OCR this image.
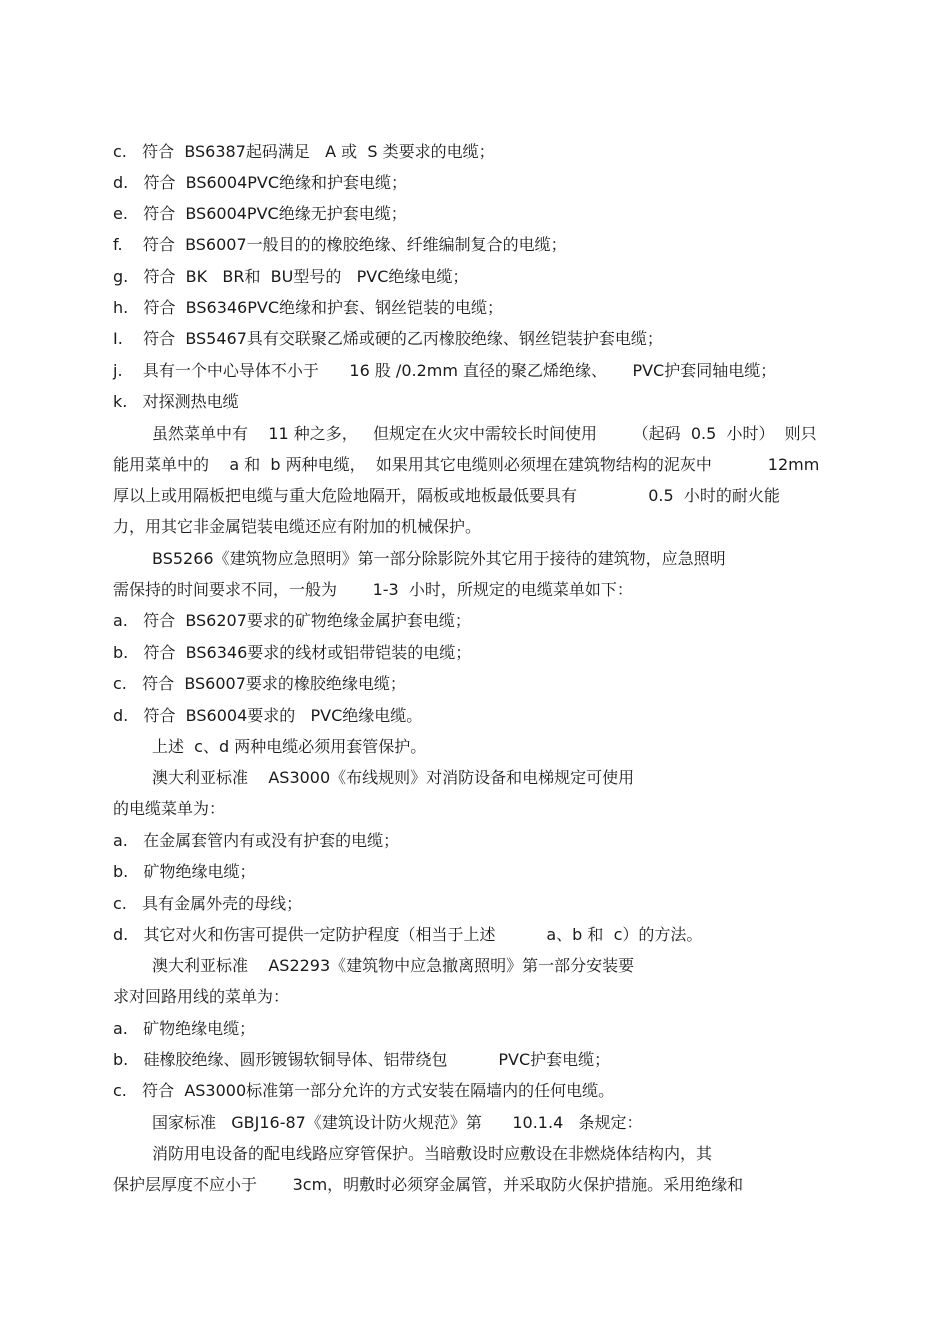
c.   符合  BS6387起码满足   A 或  S 类要求的电缆；

d.   符合  BS6004PVC绝缘和护套电缆；

e.   符合  BS6004PVC绝缘无护套电缆；

f.    符合  BS6007一般目的的橡胶绝缘、纤维编制复合的电缆；

g.   符合  BK   BR和  BU型号的   PVC绝缘电缆；

h.   符合  BS6346PVC绝缘和护套、钢丝铠装的电缆；

I.    符合  BS5467具有交联聚乙烯或硬的乙丙橡胶绝缘、钢丝铠装护套电缆；

j.    具有一个中心导体不小于      16 股 /0.2mm 直径的聚乙烯绝缘、     PVC护套同轴电缆；

k.   对探测热电缆

虽然菜单中有    11 种之多，   但规定在火灾中需较长时间使用       （起码  0.5  小时）  则只

能用菜单中的    a 和  b 两种电缆，  如果用其它电缆则必须埋在建筑物结构的泥灰中           12mm

厚以上或用隔板把电缆与重大危险地隔开，隔板或地板最低要具有              0.5  小时的耐火能

力，用其它非金属铠装电缆还应有附加的机械保护。

BS5266《建筑物应急照明》第一部分除影院外其它用于接待的建筑物，应急照明

需保持的时间要求不同，一般为       1-3  小时，所规定的电缆菜单如下：

a.   符合  BS6207要求的矿物绝缘金属护套电缆；

b.   符合  BS6346要求的线材或铝带铠装的电缆；

c.   符合  BS6007要求的橡胶绝缘电缆；

d.   符合  BS6004要求的   PVC绝缘电缆。

上述  c、d 两种电缆必须用套管保护。

澳大利亚标准    AS3000《布线规则》对消防设备和电梯规定可使用

的电缆菜单为：

a.   在金属套管内有或没有护套的电缆；

b.   矿物绝缘电缆；

c.   具有金属外壳的母线；

d.   其它对火和伤害可提供一定防护程度（相当于上述          a、b 和  c）的方法。

澳大利亚标准    AS2293《建筑物中应急撤离照明》第一部分安装要

求对回路用线的菜单为：

a.   矿物绝缘电缆；

b.   硅橡胶绝缘、圆形镀锡软铜导体、铝带绕包          PVC护套电缆；

c.   符合  AS3000标准第一部分允许的方式安装在隔墙内的任何电缆。

国家标准   GBJ16-87《建筑设计防火规范》第      10.1.4   条规定：

消防用电设备的配电线路应穿管保护。当暗敷设时应敷设在非燃烧体结构内，其

保护层厚度不应小于       3cm，明敷时必须穿金属管，并采取防火保护措施。采用绝缘和
